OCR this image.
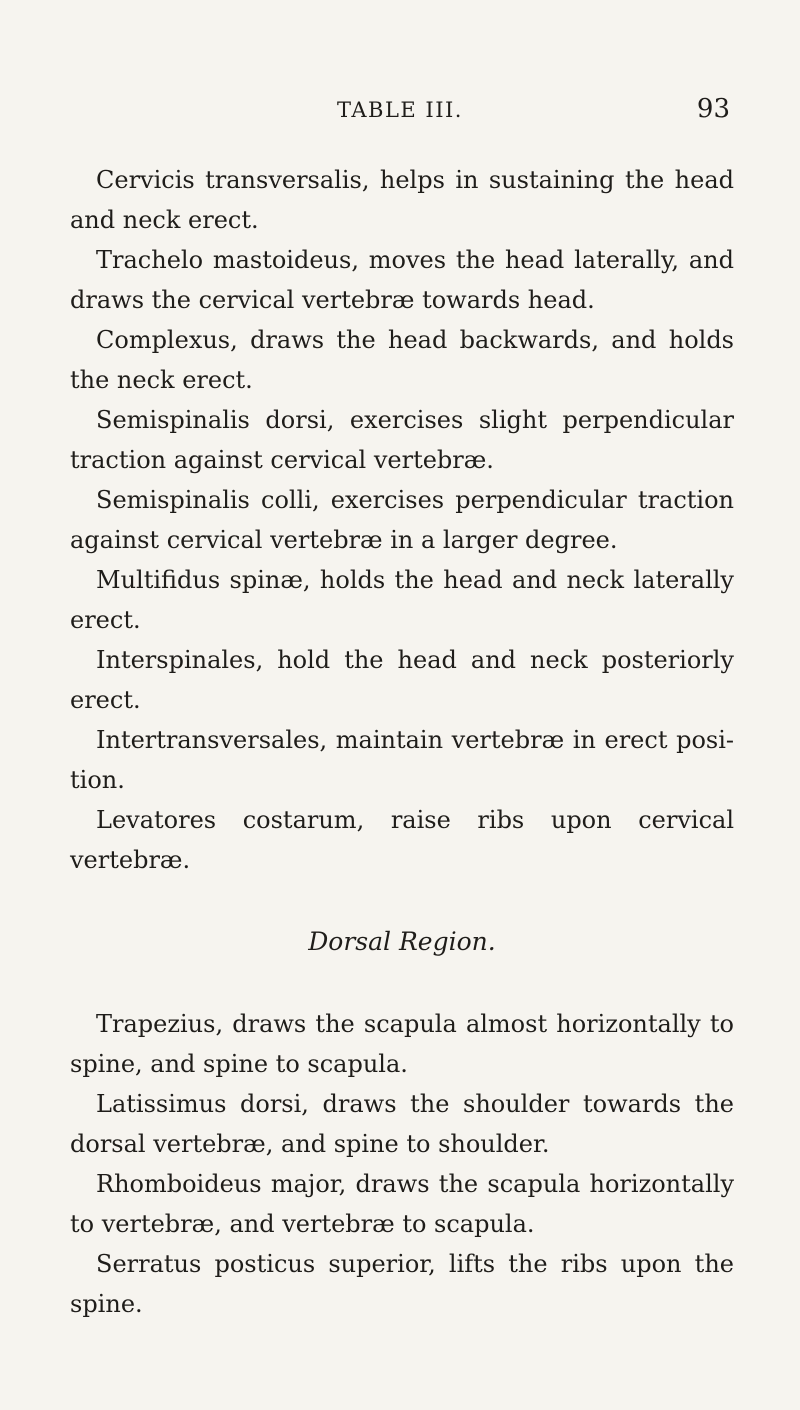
TABLE III.	93

Cervicis transversalis, helps in sustaining the head and neck erect.

Trachelo mastoideus, moves the head laterally, and draws the cervical vertebræ towards head.

Complexus, draws the head backwards, and holds the neck erect.

Semispinalis dorsi, exercises slight perpendicular traction against cervical vertebræ.

Semispinalis colli, exercises perpendicular traction against cervical vertebræ in a larger degree.

Multifidus spinæ, holds the head and neck laterally erect.

Interspinales, hold the head and neck posteriorly erect.

Intertransversales, maintain vertebræ in erect posi- tion.

Levatores costarum, raise ribs upon cervical vertebræ.

Dorsal Region.

Trapezius, draws the scapula almost horizontally to spine, and spine to scapula.

Latissimus dorsi, draws the shoulder towards the dorsal vertebræ, and spine to shoulder.

Rhomboideus major, draws the scapula horizontally to vertebræ, and vertebræ to scapula.

Serratus posticus superior, lifts the ribs upon the spine.
